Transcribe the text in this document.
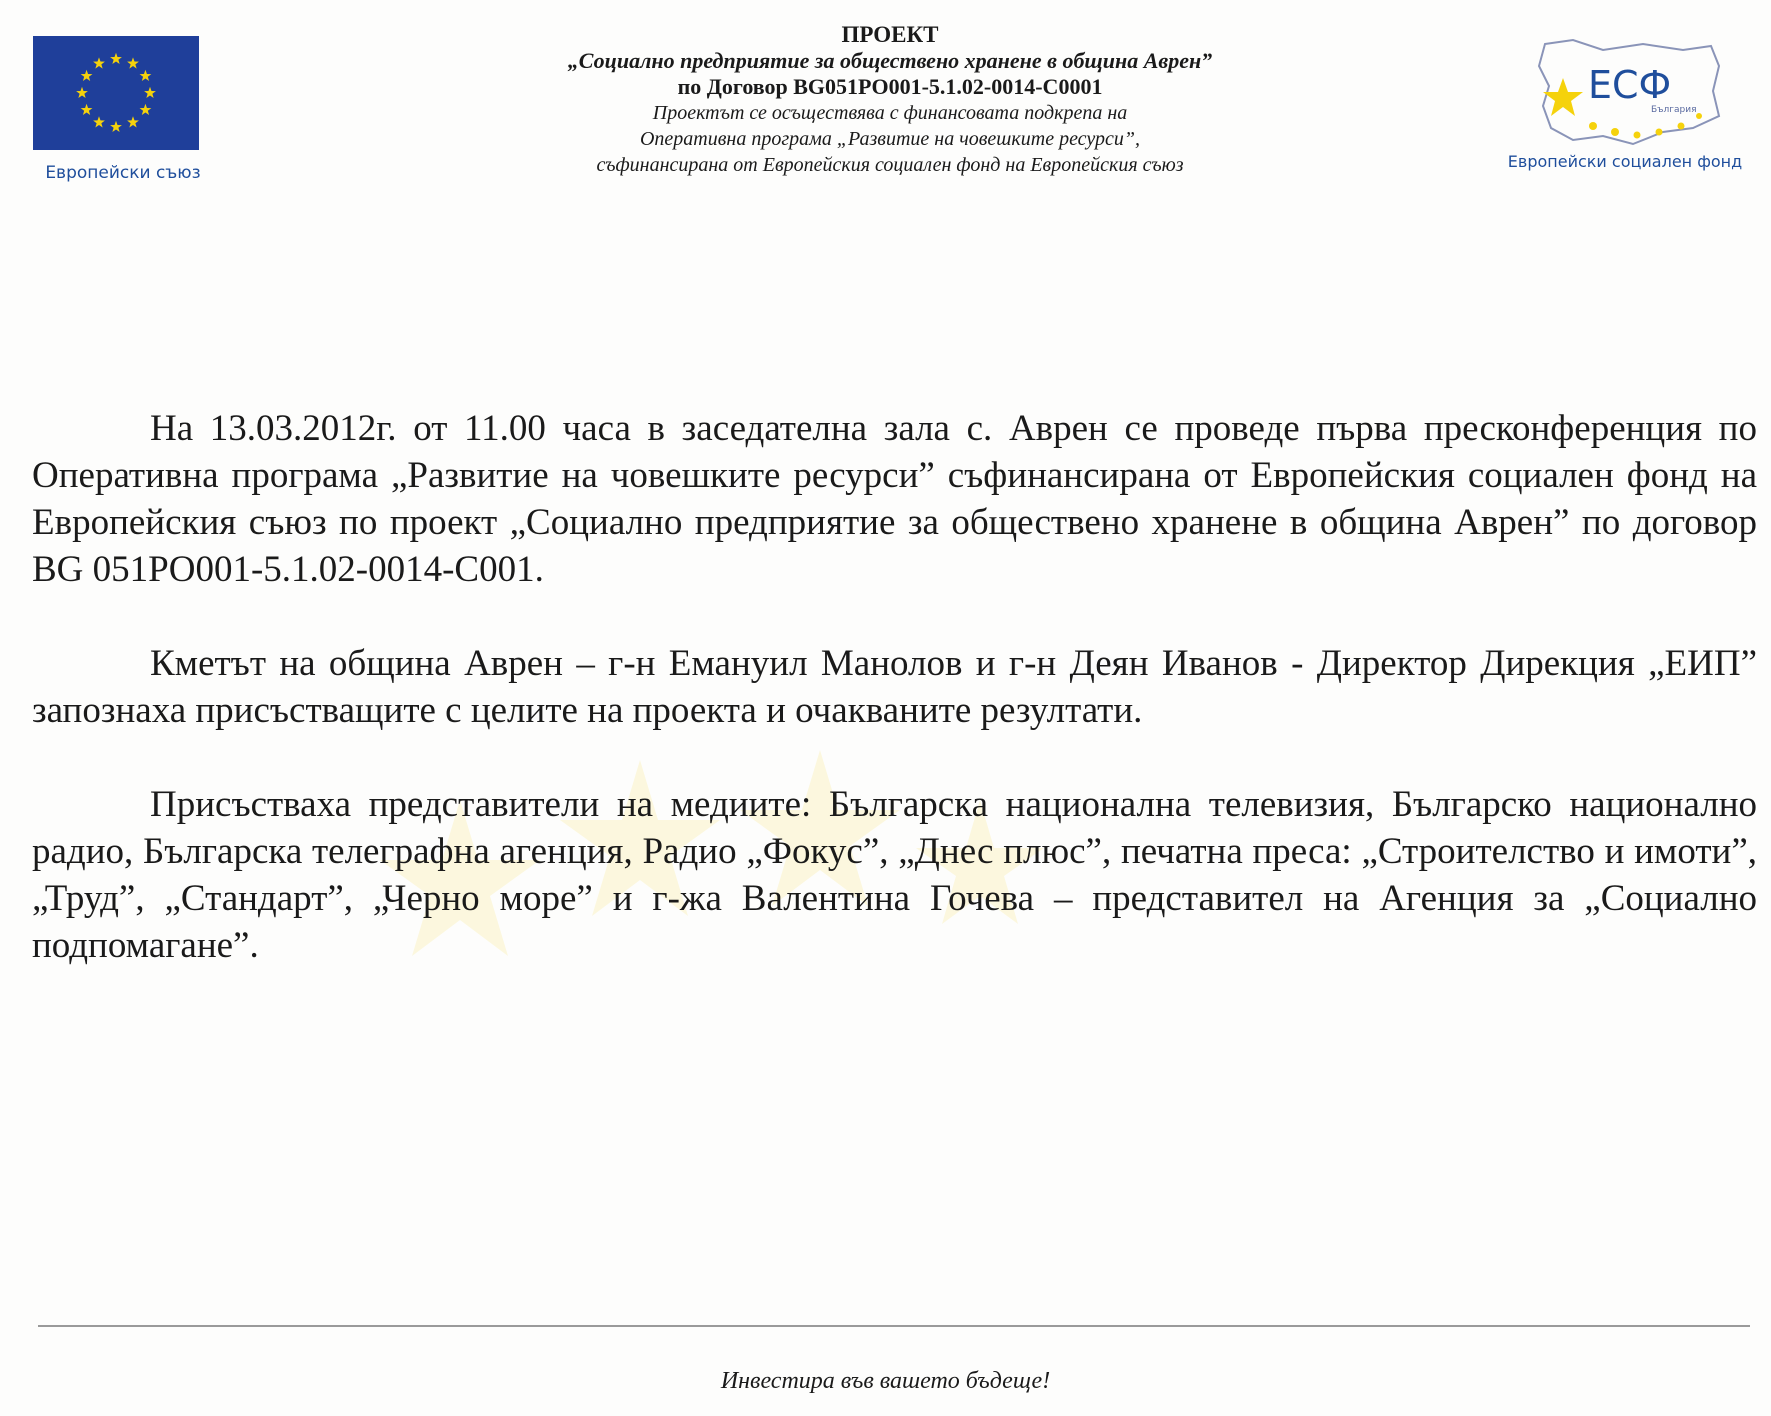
Европейски съюз
ПРОЕКТ
„Социално предприятие за обществено хранене в община Аврен”
по Договор BG051PO001-5.1.02-0014-C0001
Проектът се осъществява с финансовата подкрепа на
Оперативна програма „Развитие на човешките ресурси”,
съфинансирана от Европейския социален фонд на Европейския съюз
ЕСФ
България
Европейски социален фонд

На 13.03.2012г. от 11.00 часа в заседателна зала с. Аврен се проведе първа пресконференция по Оперативна програма „Развитие на човешките ресурси” съфинансирана от Европейския социален фонд на Европейския съюз по проект „Социално предприятие за обществено хранене в община Аврен” по договор BG 051PO001-5.1.02-0014-C001.

Кметът на община Аврен – г-н Емануил Манолов и г-н Деян Иванов - Директор Дирекция „ЕИП” запознаха присъстващите с целите на проекта и очакваните резултати.

Присъстваха представители на медиите: Българска национална телевизия, Българско национално радио, Българска телеграфна агенция, Радио „Фокус”, „Днес плюс”, печатна преса: „Строителство и имоти”, „Труд”, „Стандарт”, „Черно море” и г-жа Валентина Гочева – представител на Агенция за „Социално подпомагане”.

Инвестира във вашето бъдеще!
